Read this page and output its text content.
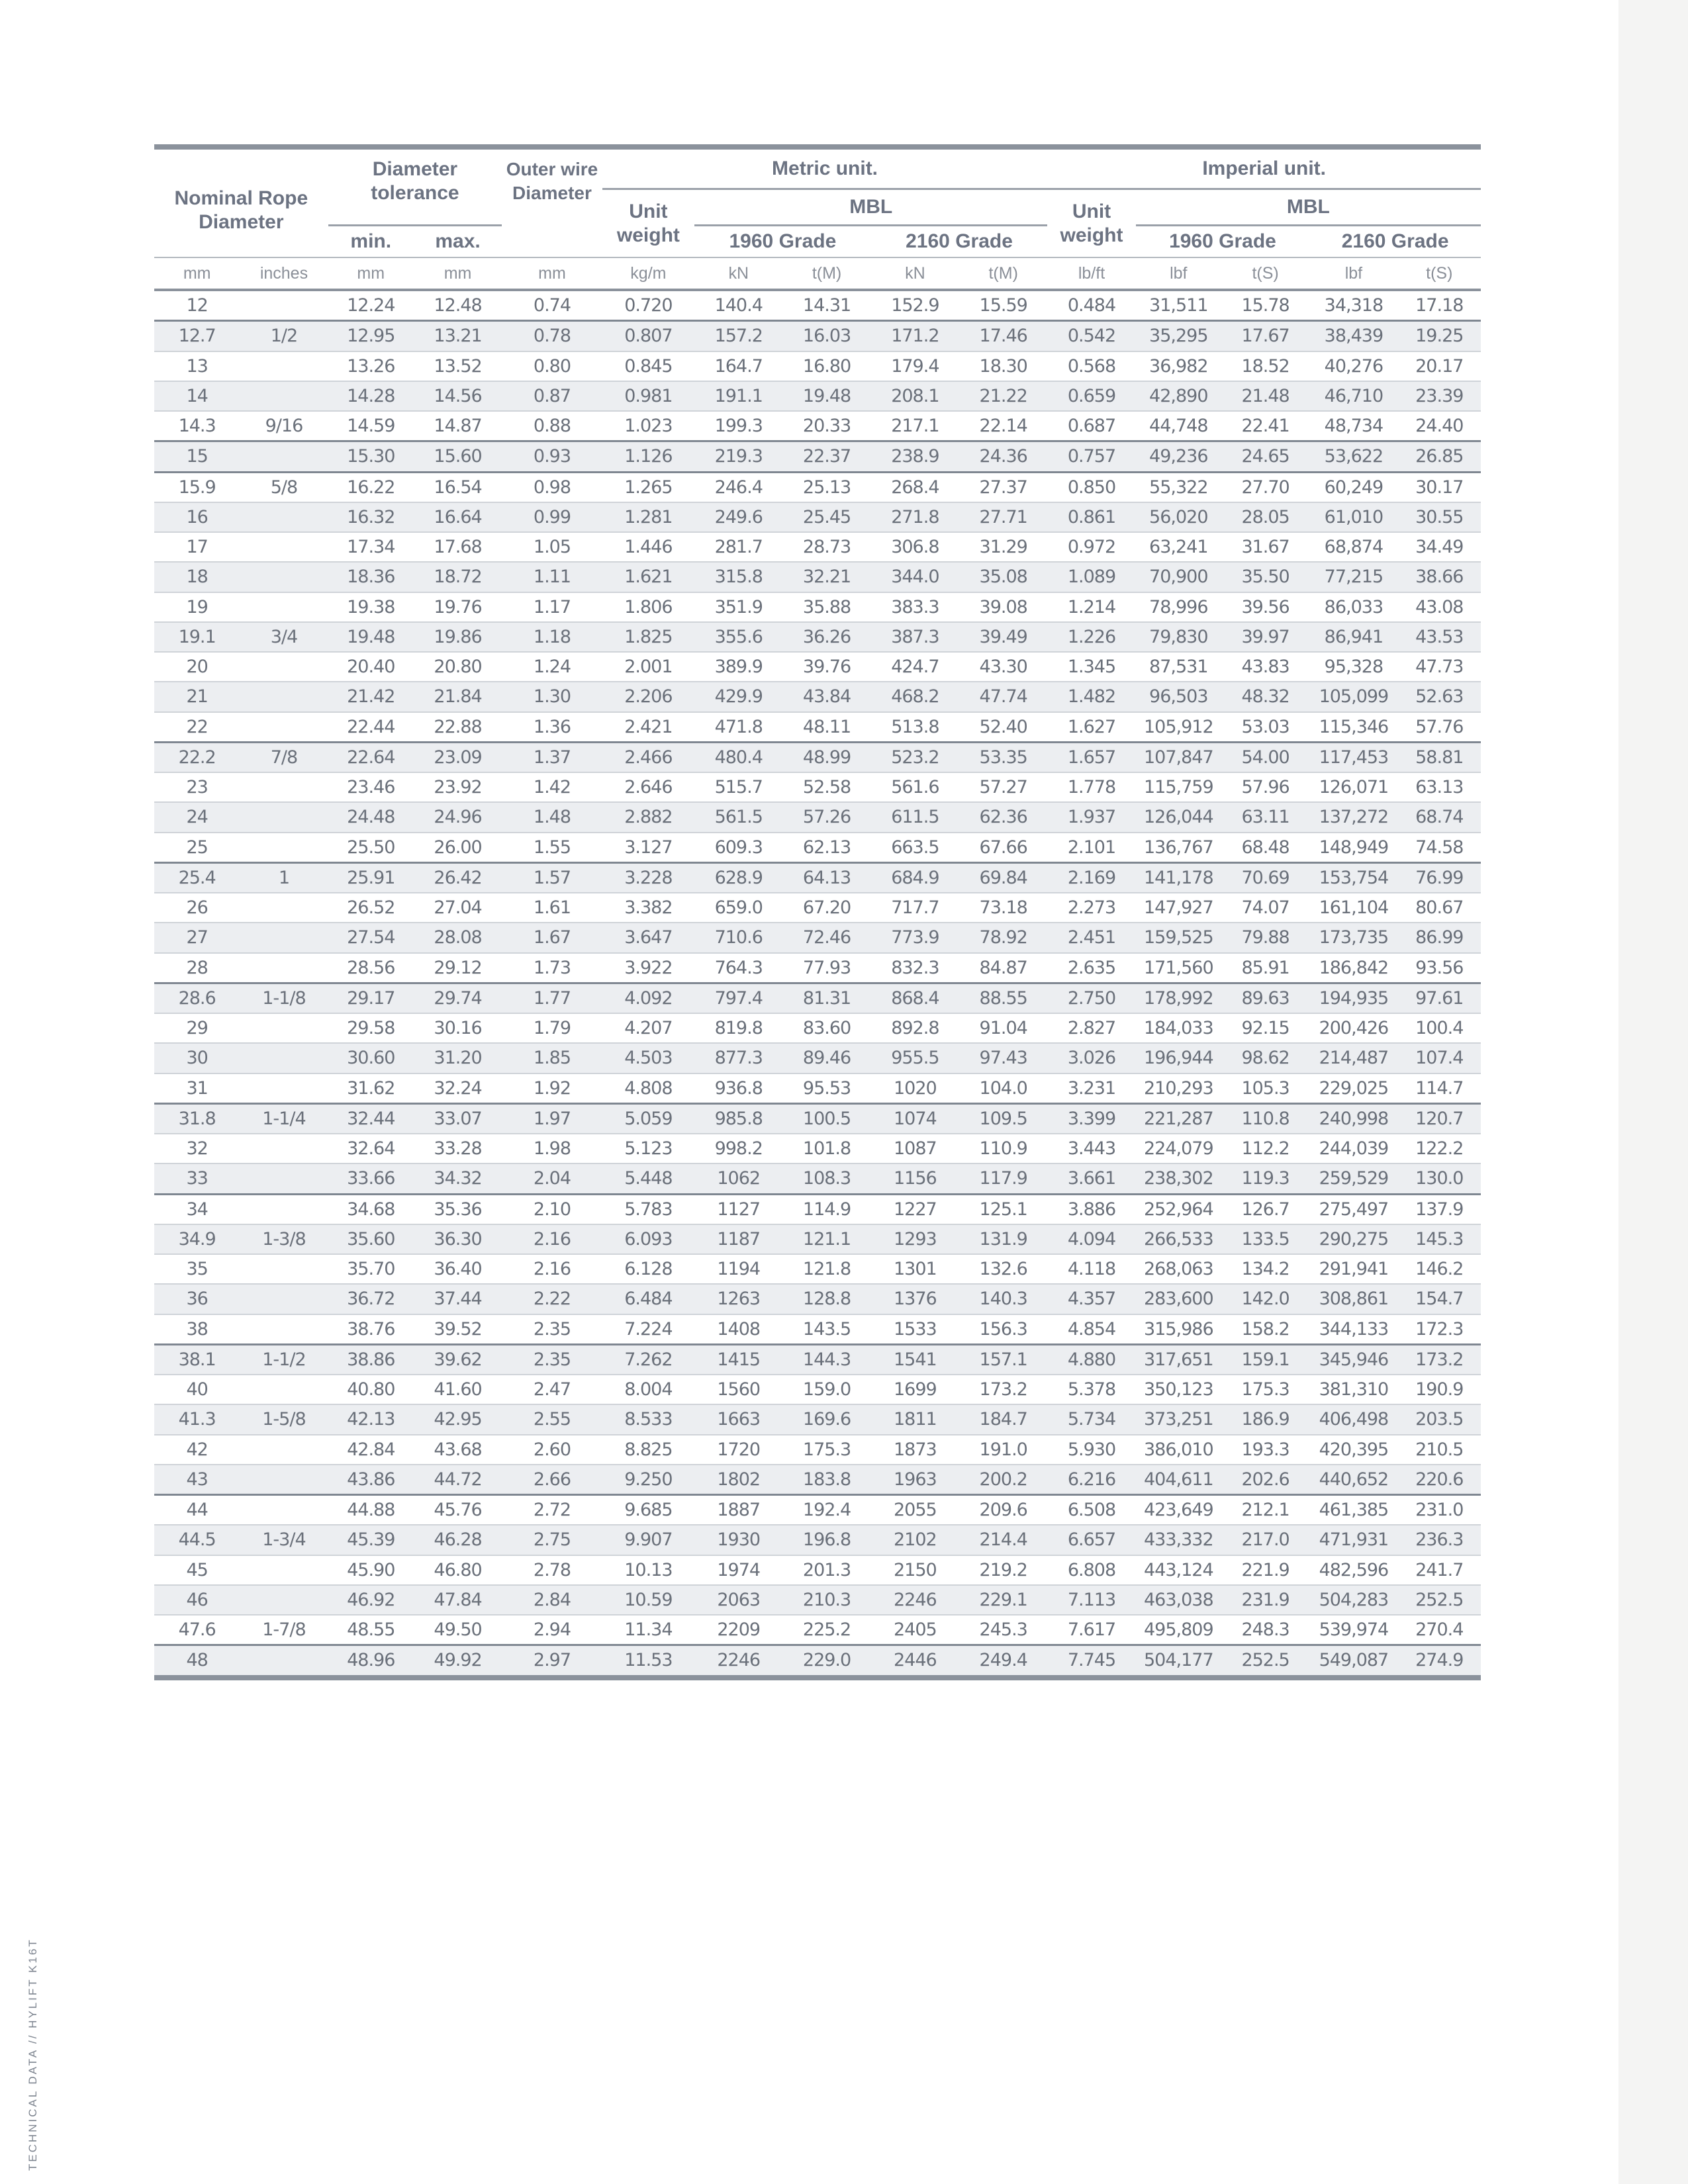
Nominal Rope Diameter		Diameter tolerance		Outer wire Diameter	Metric unit.					Imperial unit.				
					Unit weight	MBL				Unit weight	MBL			
		min.	max.			1960 Grade		2160 Grade			1960 Grade		2160 Grade	
mm	inches	mm	mm	mm	kg/m	kN	t(M)	kN	t(M)	lb/ft	lbf	t(S)	lbf	t(S)
12		12.24	12.48	0.74	0.720	140.4	14.31	152.9	15.59	0.484	31,511	15.78	34,318	17.18
12.7	1/2	12.95	13.21	0.78	0.807	157.2	16.03	171.2	17.46	0.542	35,295	17.67	38,439	19.25
13		13.26	13.52	0.80	0.845	164.7	16.80	179.4	18.30	0.568	36,982	18.52	40,276	20.17
14		14.28	14.56	0.87	0.981	191.1	19.48	208.1	21.22	0.659	42,890	21.48	46,710	23.39
14.3	9/16	14.59	14.87	0.88	1.023	199.3	20.33	217.1	22.14	0.687	44,748	22.41	48,734	24.40
15		15.30	15.60	0.93	1.126	219.3	22.37	238.9	24.36	0.757	49,236	24.65	53,622	26.85
15.9	5/8	16.22	16.54	0.98	1.265	246.4	25.13	268.4	27.37	0.850	55,322	27.70	60,249	30.17
16		16.32	16.64	0.99	1.281	249.6	25.45	271.8	27.71	0.861	56,020	28.05	61,010	30.55
17		17.34	17.68	1.05	1.446	281.7	28.73	306.8	31.29	0.972	63,241	31.67	68,874	34.49
18		18.36	18.72	1.11	1.621	315.8	32.21	344.0	35.08	1.089	70,900	35.50	77,215	38.66
19		19.38	19.76	1.17	1.806	351.9	35.88	383.3	39.08	1.214	78,996	39.56	86,033	43.08
19.1	3/4	19.48	19.86	1.18	1.825	355.6	36.26	387.3	39.49	1.226	79,830	39.97	86,941	43.53
20		20.40	20.80	1.24	2.001	389.9	39.76	424.7	43.30	1.345	87,531	43.83	95,328	47.73
21		21.42	21.84	1.30	2.206	429.9	43.84	468.2	47.74	1.482	96,503	48.32	105,099	52.63
22		22.44	22.88	1.36	2.421	471.8	48.11	513.8	52.40	1.627	105,912	53.03	115,346	57.76
22.2	7/8	22.64	23.09	1.37	2.466	480.4	48.99	523.2	53.35	1.657	107,847	54.00	117,453	58.81
23		23.46	23.92	1.42	2.646	515.7	52.58	561.6	57.27	1.778	115,759	57.96	126,071	63.13
24		24.48	24.96	1.48	2.882	561.5	57.26	611.5	62.36	1.937	126,044	63.11	137,272	68.74
25		25.50	26.00	1.55	3.127	609.3	62.13	663.5	67.66	2.101	136,767	68.48	148,949	74.58
25.4	1	25.91	26.42	1.57	3.228	628.9	64.13	684.9	69.84	2.169	141,178	70.69	153,754	76.99
26		26.52	27.04	1.61	3.382	659.0	67.20	717.7	73.18	2.273	147,927	74.07	161,104	80.67
27		27.54	28.08	1.67	3.647	710.6	72.46	773.9	78.92	2.451	159,525	79.88	173,735	86.99
28		28.56	29.12	1.73	3.922	764.3	77.93	832.3	84.87	2.635	171,560	85.91	186,842	93.56
28.6	1-1/8	29.17	29.74	1.77	4.092	797.4	81.31	868.4	88.55	2.750	178,992	89.63	194,935	97.61
29		29.58	30.16	1.79	4.207	819.8	83.60	892.8	91.04	2.827	184,033	92.15	200,426	100.4
30		30.60	31.20	1.85	4.503	877.3	89.46	955.5	97.43	3.026	196,944	98.62	214,487	107.4
31		31.62	32.24	1.92	4.808	936.8	95.53	1020	104.0	3.231	210,293	105.3	229,025	114.7
31.8	1-1/4	32.44	33.07	1.97	5.059	985.8	100.5	1074	109.5	3.399	221,287	110.8	240,998	120.7
32		32.64	33.28	1.98	5.123	998.2	101.8	1087	110.9	3.443	224,079	112.2	244,039	122.2
33		33.66	34.32	2.04	5.448	1062	108.3	1156	117.9	3.661	238,302	119.3	259,529	130.0
34		34.68	35.36	2.10	5.783	1127	114.9	1227	125.1	3.886	252,964	126.7	275,497	137.9
34.9	1-3/8	35.60	36.30	2.16	6.093	1187	121.1	1293	131.9	4.094	266,533	133.5	290,275	145.3
35		35.70	36.40	2.16	6.128	1194	121.8	1301	132.6	4.118	268,063	134.2	291,941	146.2
36		36.72	37.44	2.22	6.484	1263	128.8	1376	140.3	4.357	283,600	142.0	308,861	154.7
38		38.76	39.52	2.35	7.224	1408	143.5	1533	156.3	4.854	315,986	158.2	344,133	172.3
38.1	1-1/2	38.86	39.62	2.35	7.262	1415	144.3	1541	157.1	4.880	317,651	159.1	345,946	173.2
40		40.80	41.60	2.47	8.004	1560	159.0	1699	173.2	5.378	350,123	175.3	381,310	190.9
41.3	1-5/8	42.13	42.95	2.55	8.533	1663	169.6	1811	184.7	5.734	373,251	186.9	406,498	203.5
42		42.84	43.68	2.60	8.825	1720	175.3	1873	191.0	5.930	386,010	193.3	420,395	210.5
43		43.86	44.72	2.66	9.250	1802	183.8	1963	200.2	6.216	404,611	202.6	440,652	220.6
44		44.88	45.76	2.72	9.685	1887	192.4	2055	209.6	6.508	423,649	212.1	461,385	231.0
44.5	1-3/4	45.39	46.28	2.75	9.907	1930	196.8	2102	214.4	6.657	433,332	217.0	471,931	236.3
45		45.90	46.80	2.78	10.13	1974	201.3	2150	219.2	6.808	443,124	221.9	482,596	241.7
46		46.92	47.84	2.84	10.59	2063	210.3	2246	229.1	7.113	463,038	231.9	504,283	252.5
47.6	1-7/8	48.55	49.50	2.94	11.34	2209	225.2	2405	245.3	7.617	495,809	248.3	539,974	270.4
48		48.96	49.92	2.97	11.53	2246	229.0	2446	249.4	7.745	504,177	252.5	549,087	274.9
TECHNICAL DATA // HYLIFT K16T
